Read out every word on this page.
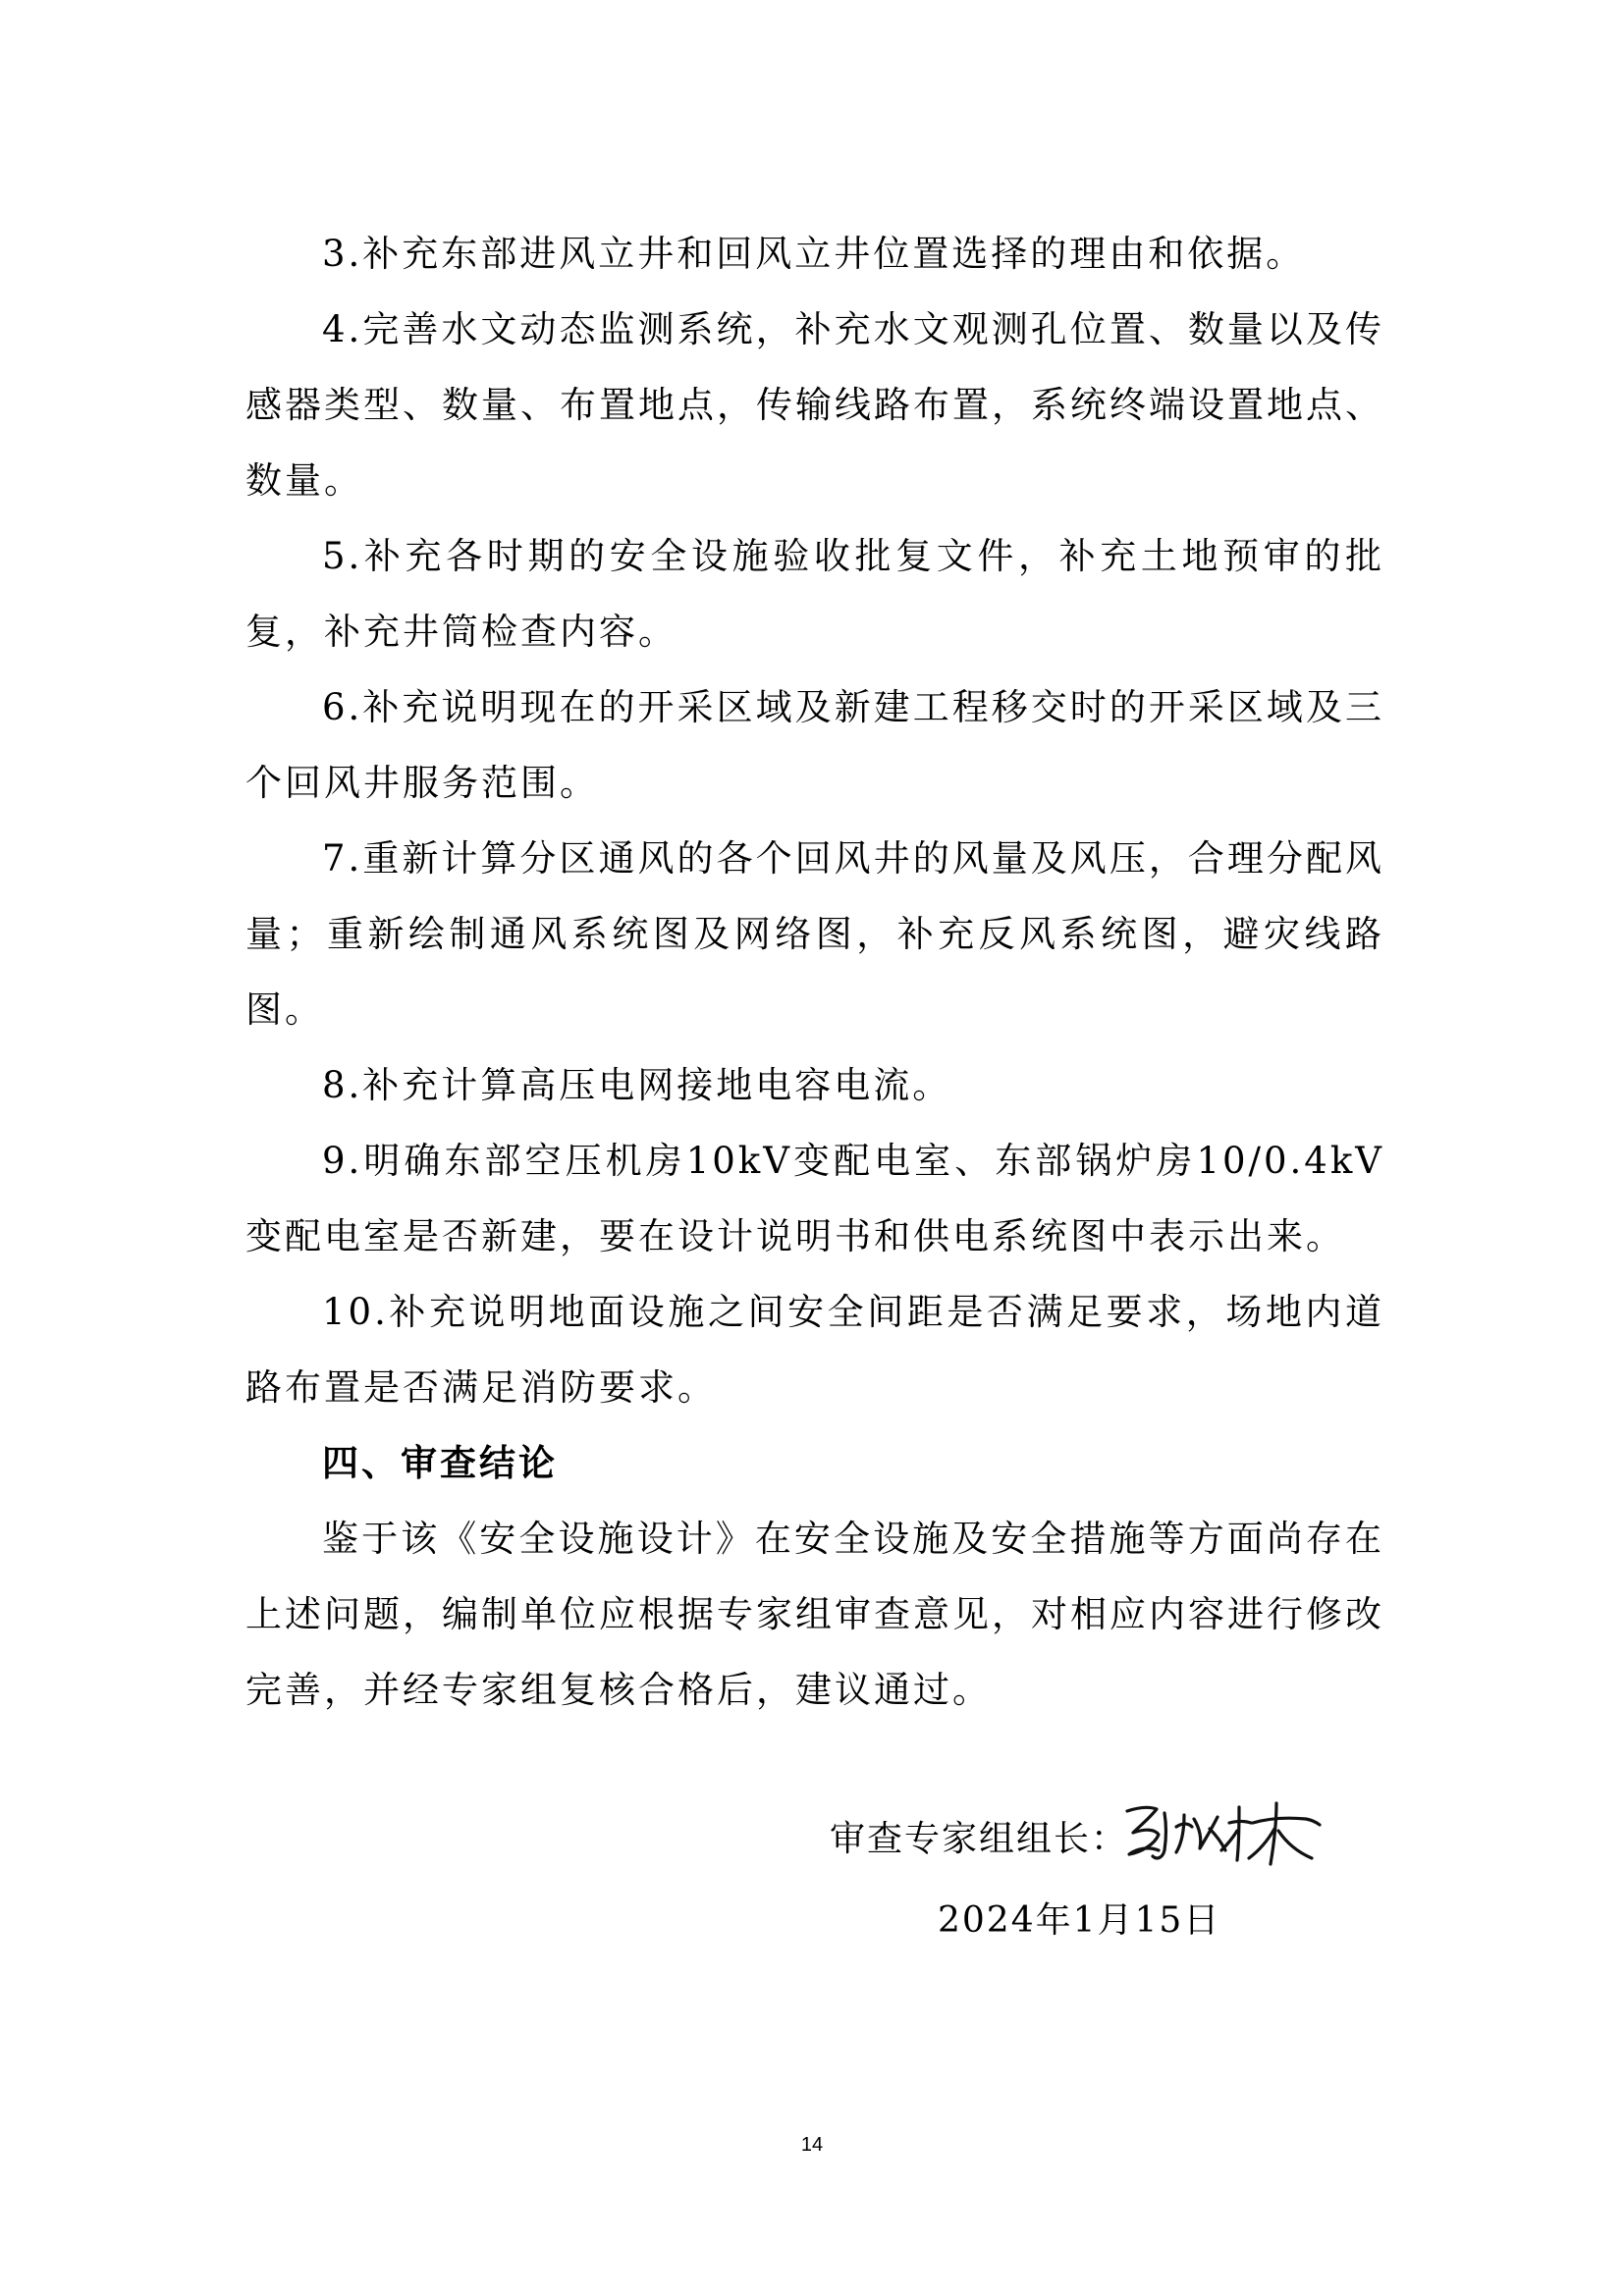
3.补充东部进风立井和回风立井位置选择的理由和依据。

4.完善水文动态监测系统，补充水文观测孔位置、数量以及传感器类型、数量、布置地点，传输线路布置，系统终端设置地点、数量。

5.补充各时期的安全设施验收批复文件，补充土地预审的批复，补充井筒检查内容。

6.补充说明现在的开采区域及新建工程移交时的开采区域及三个回风井服务范围。

7.重新计算分区通风的各个回风井的风量及风压，合理分配风量；重新绘制通风系统图及网络图，补充反风系统图，避灾线路图。

8.补充计算高压电网接地电容电流。

9.明确东部空压机房10kV变配电室、东部锅炉房10/0.4kV变配电室是否新建，要在设计说明书和供电系统图中表示出来。

10.补充说明地面设施之间安全间距是否满足要求，场地内道路布置是否满足消防要求。

四、审查结论

鉴于该《安全设施设计》在安全设施及安全措施等方面尚存在上述问题，编制单位应根据专家组审查意见，对相应内容进行修改完善，并经专家组复核合格后，建议通过。

审查专家组组长：
2024年1月15日
14
